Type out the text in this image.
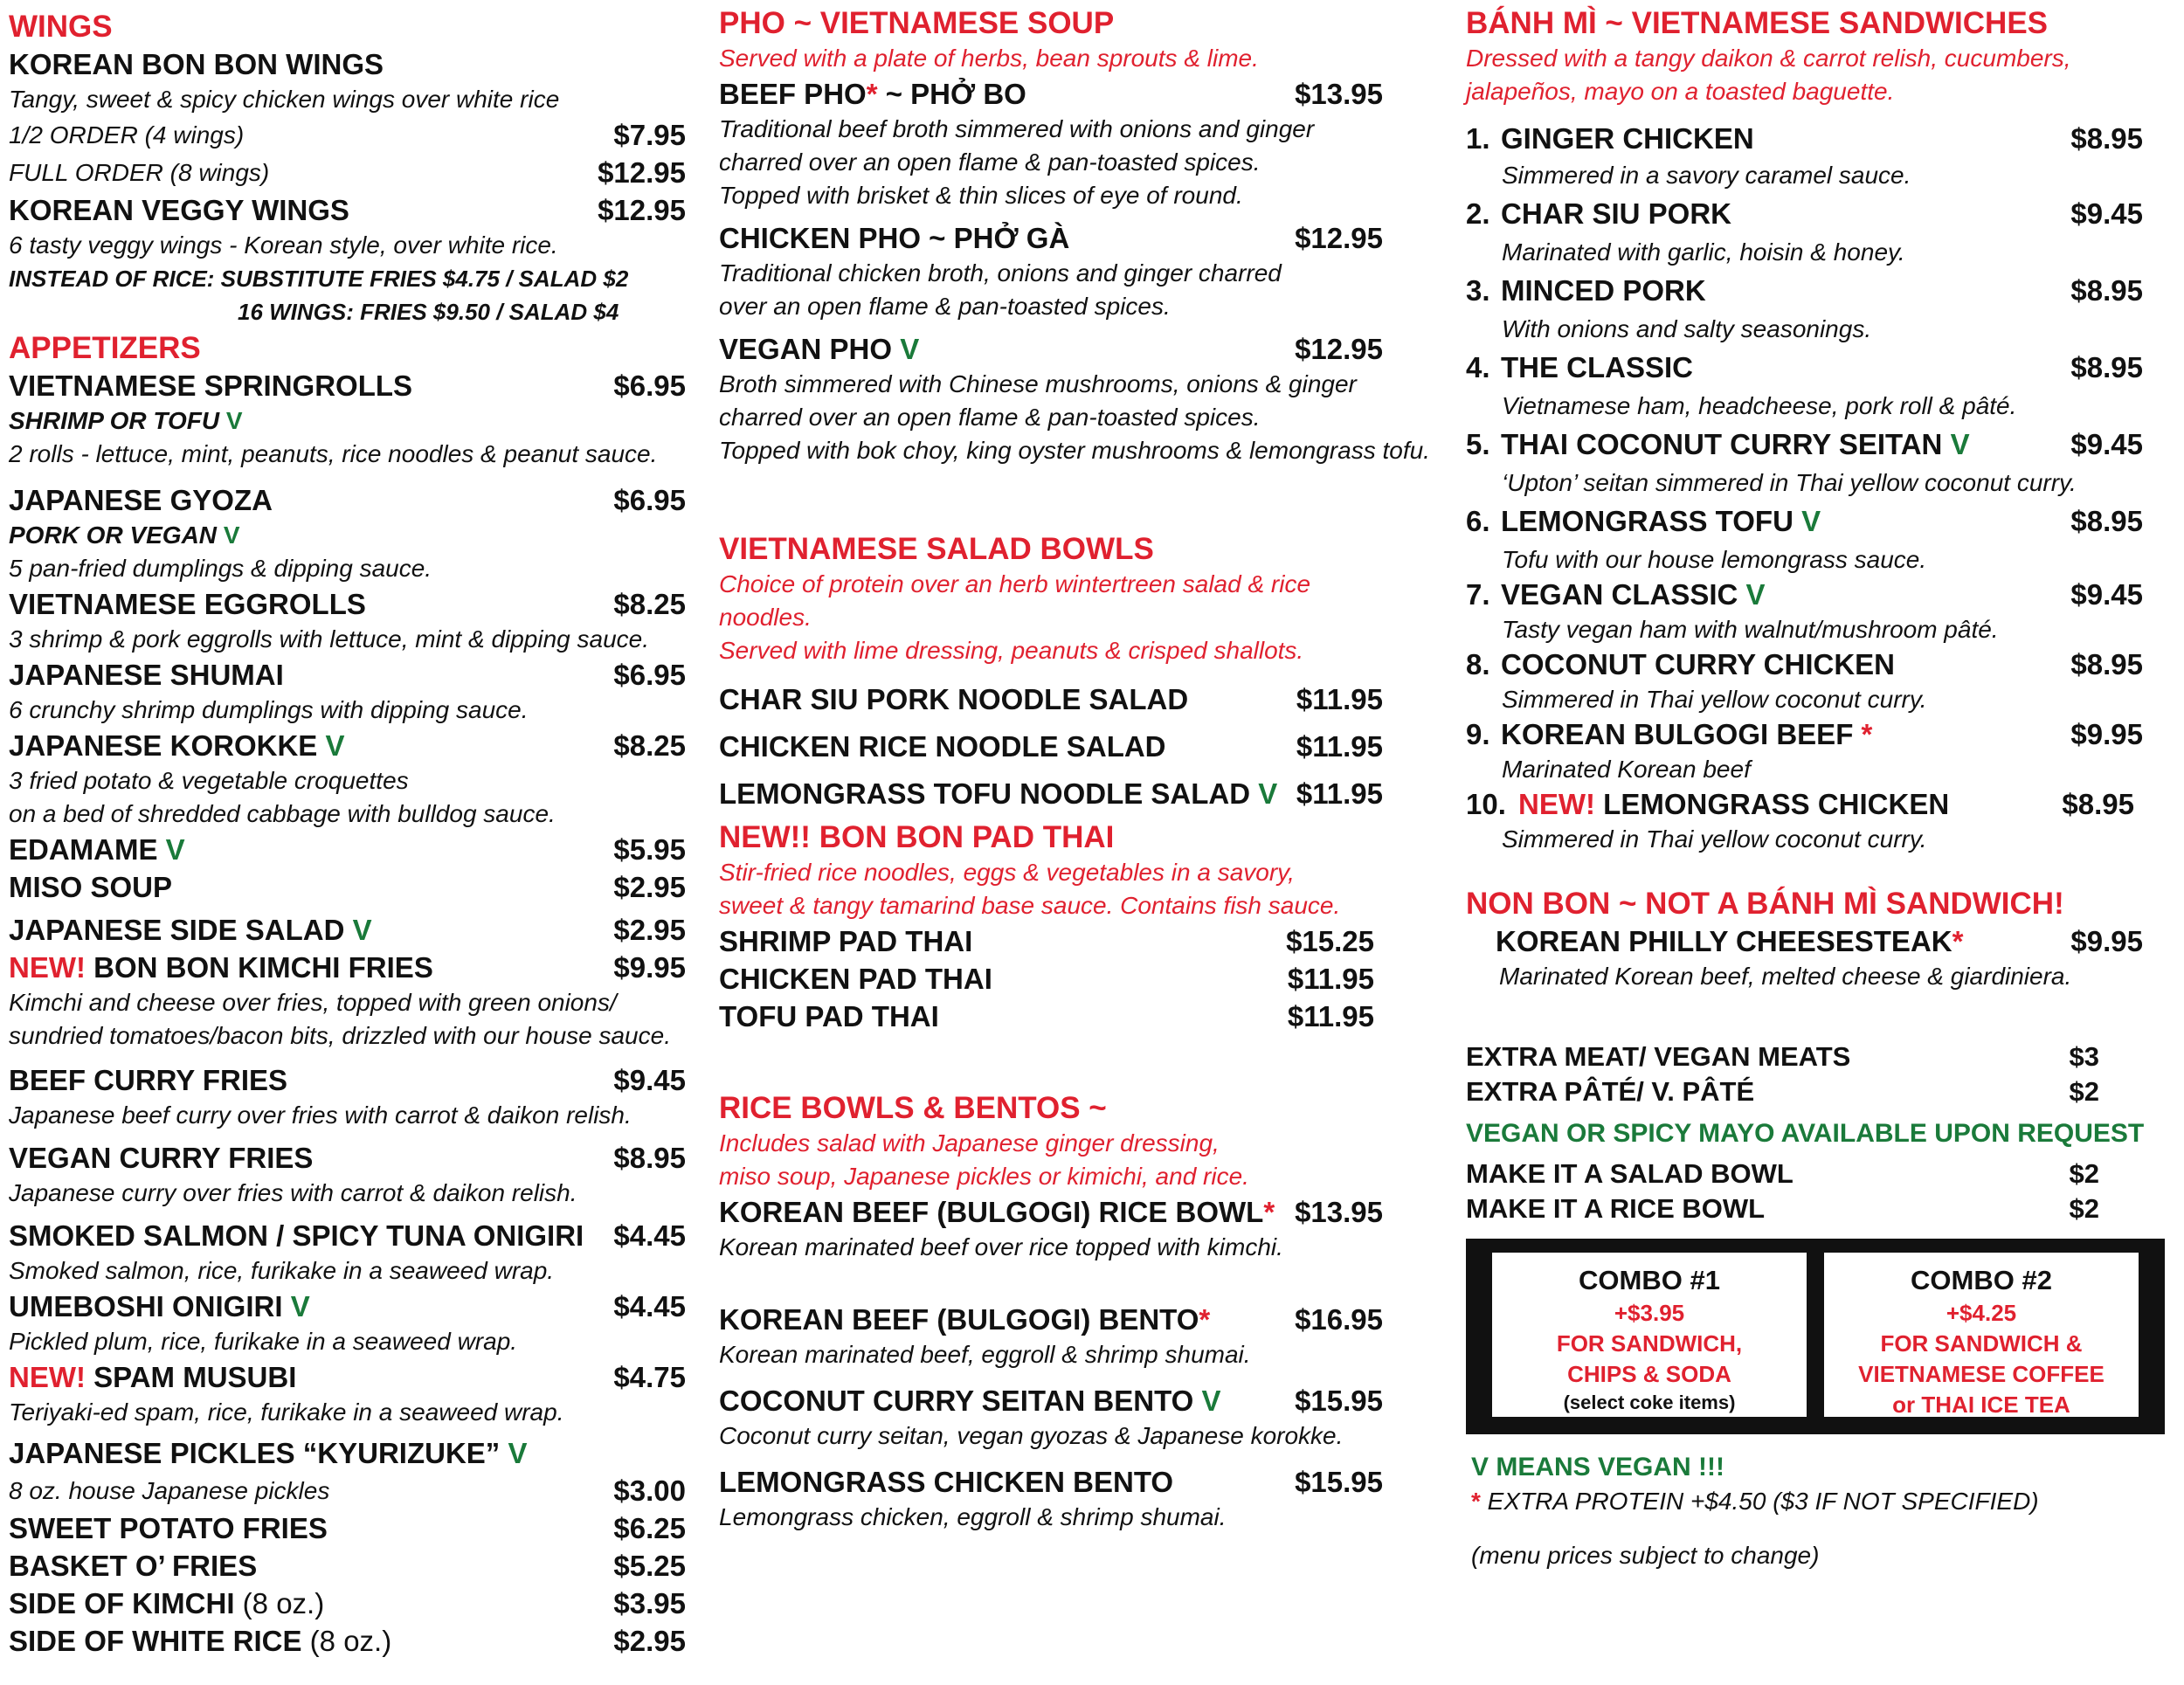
WINGS
KOREAN BON BON WINGS
Tangy, sweet & spicy chicken wings over white rice
1/2 ORDER (4 wings)	$7.95
FULL ORDER (8 wings)	$12.95
KOREAN VEGGY WINGS	$12.95
6 tasty veggy wings - Korean style, over white rice.
INSTEAD OF RICE: SUBSTITUTE FRIES $4.75 / SALAD $2
16 WINGS: FRIES $9.50 / SALAD $4
APPETIZERS
VIETNAMESE SPRINGROLLS	$6.95
SHRIMP OR TOFU V
2 rolls - lettuce, mint, peanuts, rice noodles & peanut sauce.
JAPANESE GYOZA	$6.95
PORK OR VEGAN V
5 pan-fried dumplings & dipping sauce.
VIETNAMESE EGGROLLS	$8.25
3 shrimp & pork eggrolls with lettuce, mint & dipping sauce.
JAPANESE SHUMAI	$6.95
6 crunchy shrimp dumplings with dipping sauce.
JAPANESE KOROKKE V	$8.25
3 fried potato & vegetable croquettes
on a bed of shredded cabbage with bulldog sauce.
EDAMAME V	$5.95
MISO SOUP	$2.95
JAPANESE SIDE SALAD V	$2.95
NEW! BON BON KIMCHI FRIES	$9.95
Kimchi and cheese over fries, topped with green onions/
sundried tomatoes/bacon bits, drizzled with our house sauce.
BEEF CURRY FRIES	$9.45
Japanese beef curry over fries with carrot & daikon relish.
VEGAN CURRY FRIES	$8.95
Japanese curry over fries with carrot & daikon relish.
SMOKED SALMON / SPICY TUNA ONIGIRI $4.45
Smoked salmon, rice, furikake in a seaweed wrap.
UMEBOSHI ONIGIRI V	$4.45
Pickled plum, rice, furikake in a seaweed wrap.
NEW! SPAM MUSUBI	$4.75
Teriyaki-ed spam, rice, furikake in a seaweed wrap.
JAPANESE PICKLES “KYURIZUKE” V
8 oz. house Japanese pickles	$3.00
SWEET POTATO FRIES	$6.25
BASKET O’ FRIES	$5.25
SIDE OF KIMCHI (8 oz.)	$3.95
SIDE OF WHITE RICE (8 oz.)	$2.95
PHO ~ VIETNAMESE SOUP
Served with a plate of herbs, bean sprouts & lime.
BEEF PHO* ~ PHỞ BO	$13.95
Traditional beef broth simmered with onions and ginger
charred over an open flame & pan-toasted spices.
Topped with brisket & thin slices of eye of round.
CHICKEN PHO ~ PHỞ GÀ	$12.95
Traditional chicken broth, onions and ginger charred
over an open flame & pan-toasted spices.
VEGAN PHO V	$12.95
Broth simmered with Chinese mushrooms, onions & ginger
charred over an open flame & pan-toasted spices.
Topped with bok choy, king oyster mushrooms & lemongrass tofu.
VIETNAMESE SALAD BOWLS
Choice of protein over an herb wintertreen salad & rice noodles.
Served with lime dressing, peanuts & crisped shallots.
CHAR SIU PORK NOODLE SALAD	$11.95
CHICKEN RICE NOODLE SALAD	$11.95
LEMONGRASS TOFU NOODLE SALAD V $11.95
NEW!! BON BON PAD THAI
Stir-fried rice noodles, eggs & vegetables in a savory,
sweet & tangy tamarind base sauce. Contains fish sauce.
SHRIMP PAD THAI	$15.25
CHICKEN PAD THAI	$11.95
TOFU PAD THAI	$11.95
RICE BOWLS & BENTOS ~
Includes salad with Japanese ginger dressing,
miso soup, Japanese pickles or kimichi, and rice.
KOREAN BEEF (BULGOGI) RICE BOWL* $13.95
Korean marinated beef over rice topped with kimchi.
KOREAN BEEF (BULGOGI) BENTO*	$16.95
Korean marinated beef, eggroll & shrimp shumai.
COCONUT CURRY SEITAN BENTO V	$15.95
Coconut curry seitan, vegan gyozas & Japanese korokke.
LEMONGRASS CHICKEN BENTO	$15.95
Lemongrass chicken, eggroll & shrimp shumai.
BÁNH MÌ ~ VIETNAMESE SANDWICHES
Dressed with a tangy daikon & carrot relish, cucumbers,
jalapeños, mayo on a toasted baguette.
1. GINGER CHICKEN	$8.95
Simmered in a savory caramel sauce.
2. CHAR SIU PORK	$9.45
Marinated with garlic, hoisin & honey.
3. MINCED PORK	$8.95
With onions and salty seasonings.
4. THE CLASSIC	$8.95
Vietnamese ham, headcheese, pork roll & pâté.
5. THAI COCONUT CURRY SEITAN V	$9.45
‘Upton’ seitan simmered in Thai yellow coconut curry.
6. LEMONGRASS TOFU V	$8.95
Tofu with our house lemongrass sauce.
7. VEGAN CLASSIC V	$9.45
Tasty vegan ham with walnut/mushroom pâté.
8. COCONUT CURRY CHICKEN	$8.95
Simmered in Thai yellow coconut curry.
9. KOREAN BULGOGI BEEF *	$9.95
Marinated Korean beef
10. NEW! LEMONGRASS CHICKEN	$8.95
Simmered in Thai yellow coconut curry.
NON BON ~ NOT A BÁNH MÌ SANDWICH!
KOREAN PHILLY CHEESESTEAK*	$9.95
Marinated Korean beef, melted cheese & giardiniera.
EXTRA MEAT/ VEGAN MEATS	$3
EXTRA PÂTÉ/ V. PÂTÉ	$2
VEGAN OR SPICY MAYO AVAILABLE UPON REQUEST
MAKE IT A SALAD BOWL	$2
MAKE IT A RICE BOWL	$2
V MEANS VEGAN !!!
* EXTRA PROTEIN +$4.50 ($3 IF NOT SPECIFIED)
(menu prices subject to change)
COMBO #1
+$3.95
FOR SANDWICH,
CHIPS & SODA
(select coke items)
COMBO #2
+$4.25
FOR SANDWICH &
VIETNAMESE COFFEE
or THAI ICE TEA
